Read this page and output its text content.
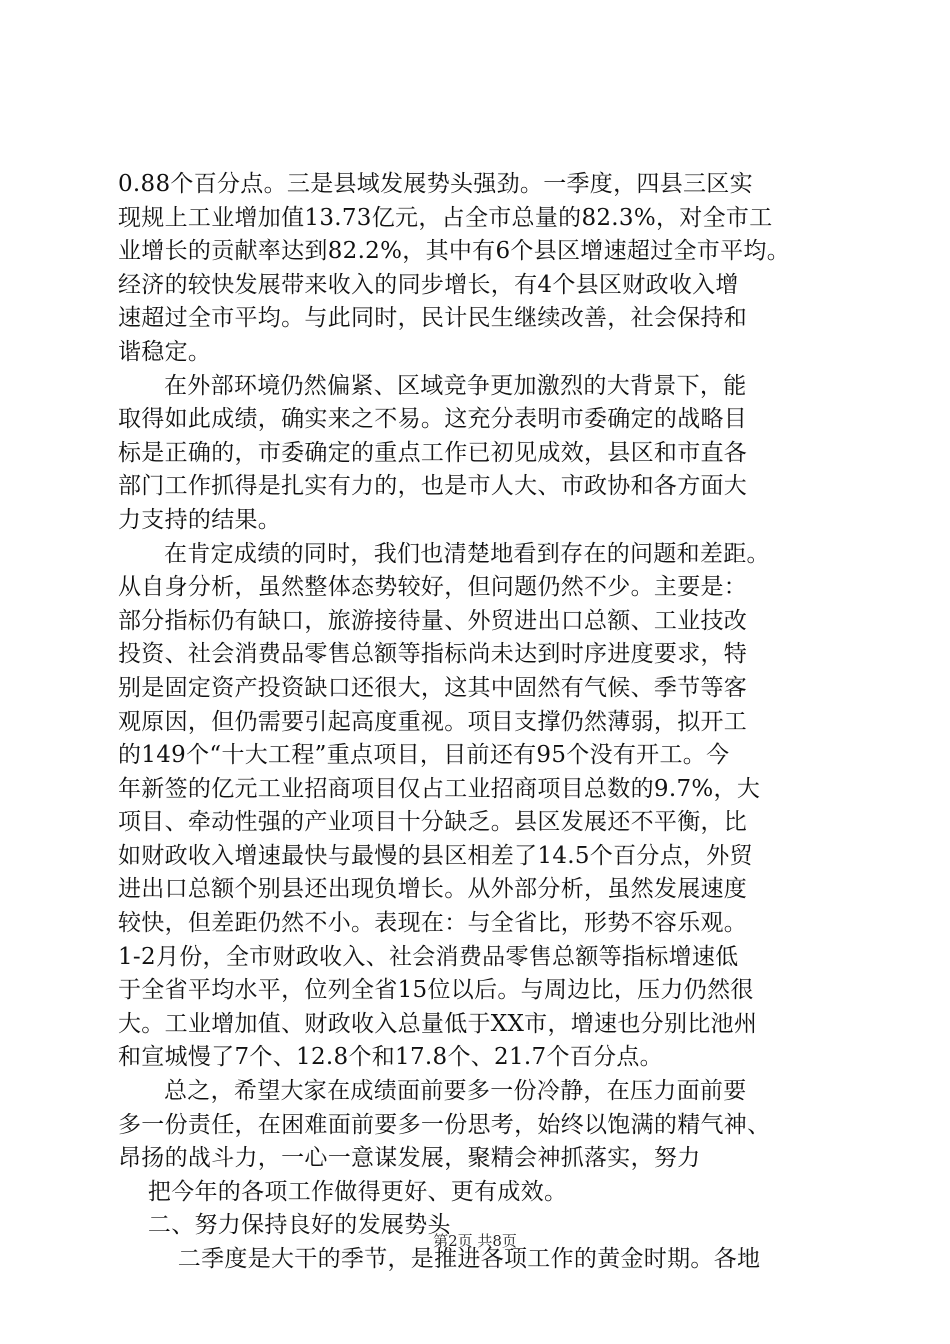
0.88个百分点。三是县域发展势头强劲。一季度，四县三区实
现规上工业增加值13.73亿元，占全市总量的82.3%，对全市工
业增长的贡献率达到82.2%，其中有6个县区增速超过全市平均。
经济的较快发展带来收入的同步增长，有4个县区财政收入增
速超过全市平均。与此同时，民计民生继续改善，社会保持和
谐稳定。
在外部环境仍然偏紧、区域竞争更加激烈的大背景下，能
取得如此成绩，确实来之不易。这充分表明市委确定的战略目
标是正确的，市委确定的重点工作已初见成效，县区和市直各
部门工作抓得是扎实有力的，也是市人大、市政协和各方面大
力支持的结果。
在肯定成绩的同时，我们也清楚地看到存在的问题和差距。
从自身分析，虽然整体态势较好，但问题仍然不少。主要是：
部分指标仍有缺口，旅游接待量、外贸进出口总额、工业技改
投资、社会消费品零售总额等指标尚未达到时序进度要求，特
别是固定资产投资缺口还很大，这其中固然有气候、季节等客
观原因，但仍需要引起高度重视。项目支撑仍然薄弱，拟开工
的149个“十大工程”重点项目，目前还有95个没有开工。今
年新签的亿元工业招商项目仅占工业招商项目总数的9.7%，大
项目、牵动性强的产业项目十分缺乏。县区发展还不平衡，比
如财政收入增速最快与最慢的县区相差了14.5个百分点，外贸
进出口总额个别县还出现负增长。从外部分析，虽然发展速度
较快，但差距仍然不小。表现在：与全省比，形势不容乐观。
1-2月份，全市财政收入、社会消费品零售总额等指标增速低
于全省平均水平，位列全省15位以后。与周边比，压力仍然很
大。工业增加值、财政收入总量低于XX市，增速也分别比池州
和宣城慢了7个、12.8个和17.8个、21.7个百分点。
总之，希望大家在成绩面前要多一份冷静，在压力面前要
多一份责任，在困难面前要多一份思考，始终以饱满的精气神、
昂扬的战斗力，一心一意谋发展，聚精会神抓落实，努力
把今年的各项工作做得更好、更有成效。
二、努力保持良好的发展势头
二季度是大干的季节，是推进各项工作的黄金时期。各地
第2页 共8页
